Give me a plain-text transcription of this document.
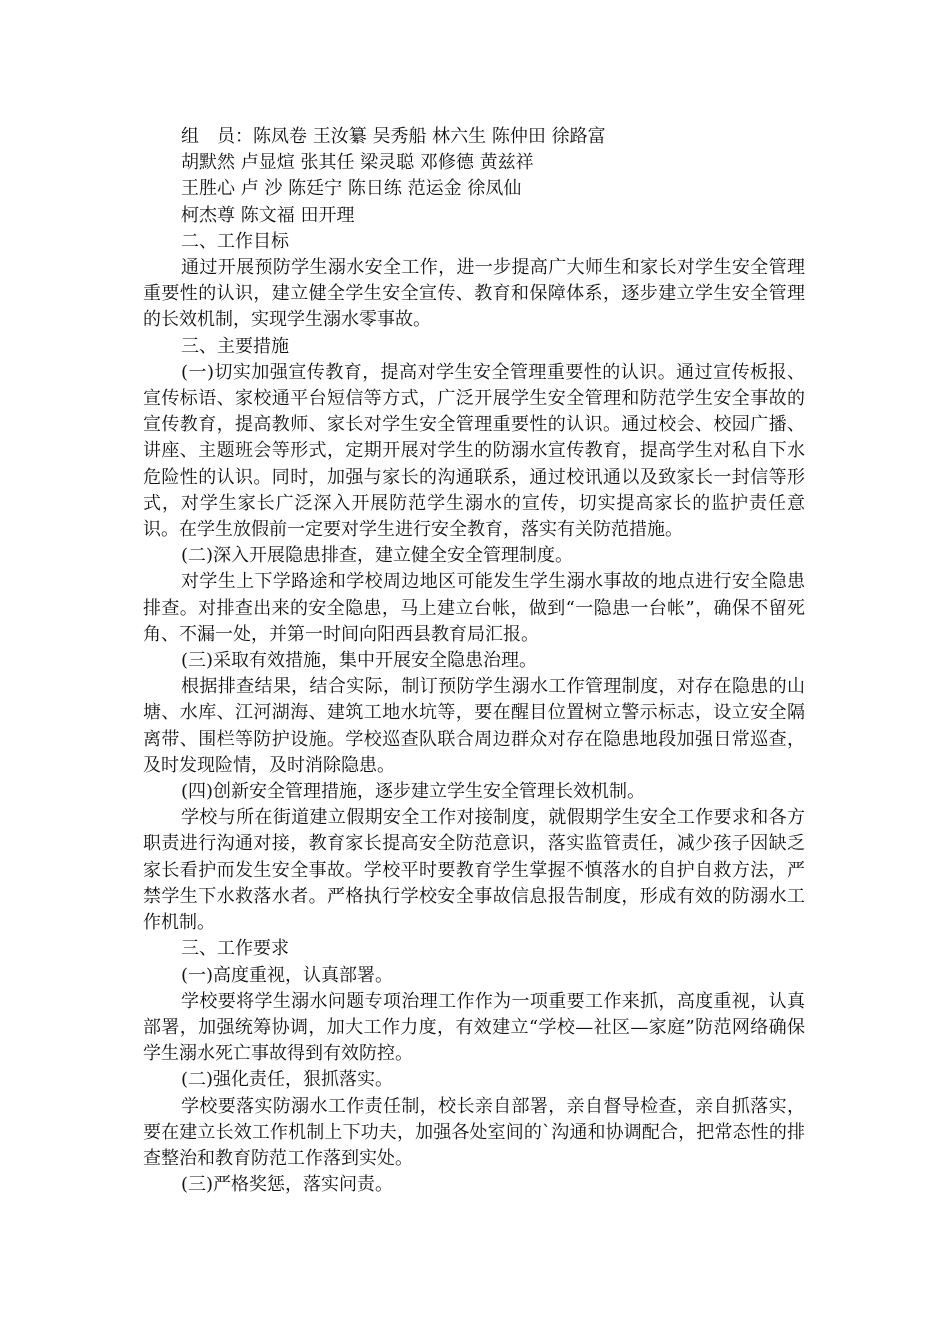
组　员：陈凤卷 王汝纂 吴秀船 林六生 陈仲田 徐路富
胡默然 卢显煊 张其任 梁灵聪 邓修德 黄兹祥
王胜心 卢 沙 陈廷宁 陈日练 范运金 徐凤仙
柯杰尊 陈文福 田开理
二、工作目标
通过开展预防学生溺水安全工作，进一步提高广大师生和家长对学生安全管理重要性的认识，建立健全学生安全宣传、教育和保障体系，逐步建立学生安全管理的长效机制，实现学生溺水零事故。
三、主要措施
(一)切实加强宣传教育，提高对学生安全管理重要性的认识。通过宣传板报、宣传标语、家校通平台短信等方式，广泛开展学生安全管理和防范学生安全事故的宣传教育，提高教师、家长对学生安全管理重要性的认识。通过校会、校园广播、讲座、主题班会等形式，定期开展对学生的防溺水宣传教育，提高学生对私自下水危险性的认识。同时，加强与家长的沟通联系，通过校讯通以及致家长一封信等形式，对学生家长广泛深入开展防范学生溺水的宣传，切实提高家长的监护责任意识。在学生放假前一定要对学生进行安全教育，落实有关防范措施。
(二)深入开展隐患排查，建立健全安全管理制度。
对学生上下学路途和学校周边地区可能发生学生溺水事故的地点进行安全隐患排查。对排查出来的安全隐患，马上建立台帐，做到“一隐患一台帐”，确保不留死角、不漏一处，并第一时间向阳西县教育局汇报。
(三)采取有效措施，集中开展安全隐患治理。
根据排查结果，结合实际，制订预防学生溺水工作管理制度，对存在隐患的山塘、水库、江河湖海、建筑工地水坑等，要在醒目位置树立警示标志，设立安全隔离带、围栏等防护设施。学校巡查队联合周边群众对存在隐患地段加强日常巡查，及时发现险情，及时消除隐患。
(四)创新安全管理措施，逐步建立学生安全管理长效机制。
学校与所在街道建立假期安全工作对接制度，就假期学生安全工作要求和各方职责进行沟通对接，教育家长提高安全防范意识，落实监管责任，减少孩子因缺乏家长看护而发生安全事故。学校平时要教育学生掌握不慎落水的自护自救方法，严禁学生下水救落水者。严格执行学校安全事故信息报告制度，形成有效的防溺水工作机制。
三、工作要求
(一)高度重视，认真部署。
学校要将学生溺水问题专项治理工作作为一项重要工作来抓，高度重视，认真部署，加强统筹协调，加大工作力度，有效建立“学校—社区—家庭”防范网络确保学生溺水死亡事故得到有效防控。
(二)强化责任，狠抓落实。
学校要落实防溺水工作责任制，校长亲自部署，亲自督导检查，亲自抓落实，要在建立长效工作机制上下功夫，加强各处室间的`沟通和协调配合，把常态性的排查整治和教育防范工作落到实处。
(三)严格奖惩，落实问责。
